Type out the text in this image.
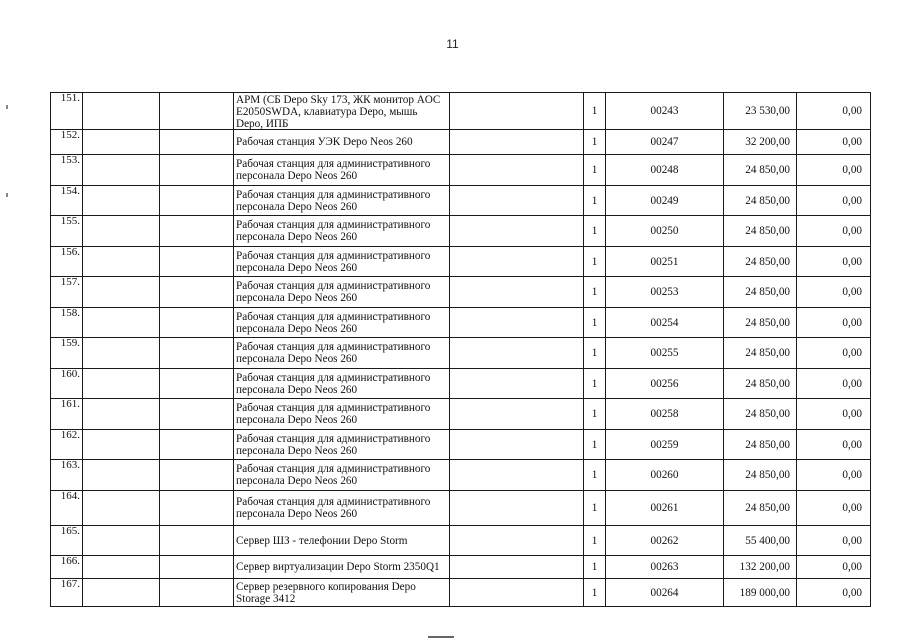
11
151.			АРМ (СБ Depo Sky 173, ЖК монитор AOC E2050SWDA, клавиатура Depo, мышь Depo, ИПБ		1	00243	23 530,00	0,00
152.			Рабочая станция УЭК Depo Neos 260		1	00247	32 200,00	0,00
153.			Рабочая станция для административного персонала Depo Neos 260		1	00248	24 850,00	0,00
154.			Рабочая станция для административного персонала Depo Neos 260		1	00249	24 850,00	0,00
155.			Рабочая станция для административного персонала Depo Neos 260		1	00250	24 850,00	0,00
156.			Рабочая станция для административного персонала Depo Neos 260		1	00251	24 850,00	0,00
157.			Рабочая станция для административного персонала Depo Neos 260		1	00253	24 850,00	0,00
158.			Рабочая станция для административного персонала Depo Neos 260		1	00254	24 850,00	0,00
159.			Рабочая станция для административного персонала Depo Neos 260		1	00255	24 850,00	0,00
160.			Рабочая станция для административного персонала Depo Neos 260		1	00256	24 850,00	0,00
161.			Рабочая станция для административного персонала Depo Neos 260		1	00258	24 850,00	0,00
162.			Рабочая станция для административного персонала Depo Neos 260		1	00259	24 850,00	0,00
163.			Рабочая станция для административного персонала Depo Neos 260		1	00260	24 850,00	0,00
164.			Рабочая станция для административного персонала Depo Neos 260		1	00261	24 850,00	0,00
165.			Сервер ШЗ - телефонии Depo Storm		1	00262	55 400,00	0,00
166.			Сервер виртуализации Depo Storm 2350Q1		1	00263	132 200,00	0,00
167.			Сервер резервного копирования Depo Storage 3412		1	00264	189 000,00	0,00
